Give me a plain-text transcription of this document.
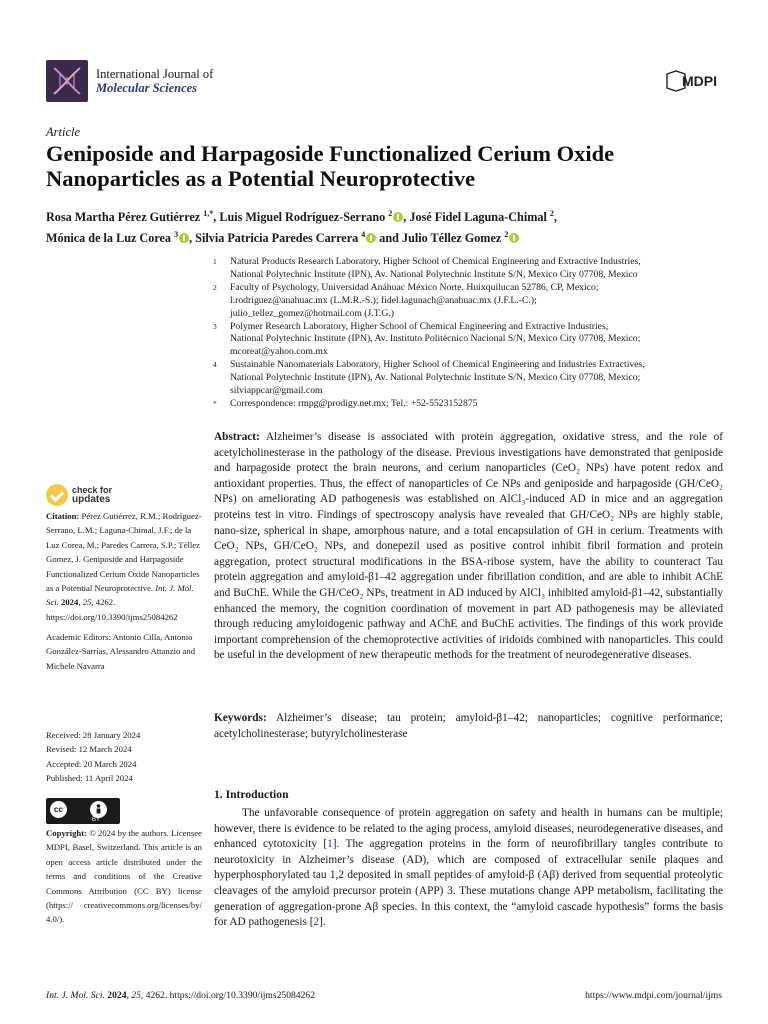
International Journal of
Molecular Sciences	MDPI
Article
Geniposide and Harpagoside Functionalized Cerium Oxide Nanoparticles as a Potential Neuroprotective
Rosa Martha Pérez Gutiérrez $^{1,*}$, Luis Miguel Rodríguez-Serrano $^2$ , José Fidel Laguna-Chimal $^2$,
Mónica de la Luz Corea $^3$ , Silvia Patricia Paredes Carrera $^4$ and Julio Téllez Gomez $^2$
1	Natural Products Research Laboratory, Higher School of Chemical Engineering and Extractive Industries,
National Polytechnic Institute (IPN), Av. National Polytechnic Institute S/N, Mexico City 07708, Mexico
2	Faculty of Psychology, Universidad Anáhuac México Norte, Huixquilucan 52786, CP, Mexico;
l.rodriguez@anahuac.mx (L.M.R.-S.); fidel.lagunach@anahuac.mx (J.F.L.-C.);
julio_tellez_gomez@hotmail.com (J.T.G.)
3	Polymer Research Laboratory, Higher School of Chemical Engineering and Extractive Industries,
National Polytechnic Institute (IPN), Av. Instituto Politécnico Nacional S/N, Mexico City 07708, Mexico;
mcoreat@yahoo.com.mx
4	Sustainable Nanomaterials Laboratory, Higher School of Chemical Engineering and Industries Extractives,
National Polytechnic Institute (IPN), Av. National Polytechnic Institute S/N, Mexico City 07708, Mexico;
silviappcar@gmail.com
*	Correspondence: rmpg@prodigy.net.mx; Tel.: +52-5523152875
Abstract: Alzheimer’s disease is associated with protein aggregation, oxidative stress, and the role of acetylcholinesterase in the pathology of the disease. Previous investigations have demonstrated that geniposide and harpagoside protect the brain neurons, and cerium nanoparticles (CeO₂ NPs) have potent redox and antioxidant properties. Thus, the effect of nanoparticles of Ce NPs and geniposide and harpagoside (GH/CeO₂ NPs) on ameliorating AD pathogenesis was established on AlCl₃-induced AD in mice and an aggregation proteins test in vitro. Findings of spectroscopy analysis have revealed that GH/CeO₂ NPs are highly stable, nano-size, spherical in shape, amorphous nature, and a total encapsulation of GH in cerium. Treatments with CeO₂ NPs, GH/CeO₂ NPs, and donepezil used as positive control inhibit fibril formation and protein aggregation, protect structural modifications in the BSA-ribose system, have the ability to counteract Tau protein aggregation and amyloid-β1–42 aggregation under fibrillation condition, and are able to inhibit AChE and BuChE. While the GH/CeO₂ NPs, treatment in AD induced by AlCl₃ inhibited amyloid-β1–42, substantially enhanced the memory, the cognition coordination of movement in part AD pathogenesis may be alleviated through reducing amyloidogenic pathway and AChE and BuChE activities. The findings of this work provide important comprehension of the chemoprotective activities of iridoids combined with nanoparticles. This could be useful in the development of new therapeutic methods for the treatment of neurodegenerative diseases.
Keywords: Alzheimer’s disease; tau protein; amyloid-β1–42; nanoparticles; cognitive performance; acetylcholinesterase; butyrylcholinesterase
check for
updates
Citation: Pérez Gutiérrez, R.M.; Rodríguez-Serrano, L.M.; Laguna-Chimal, J.F.; de la Luz Corea, M.; Paredes Carrera, S.P.; Téllez Gomez, J. Geniposide and Harpagoside Functionalized Cerium Oxide Nanoparticles as a Potential Neuroprotective. Int. J. Mol. Sci. 2024, 25, 4262. https://doi.org/10.3390/ijms25084262
Academic Editors: Antonio Cilla, Antonio González-Sarrías, Alessandro Attanzio and Michele Navarra
Received: 28 January 2024
Revised: 12 March 2024
Accepted: 20 March 2024
Published: 11 April 2024
cc
BY
Copyright: © 2024 by the authors. Licensee MDPI, Basel, Switzerland. This article is an open access article distributed under the terms and conditions of the Creative Commons Attribution (CC BY) license (https:// creativecommons.org/licenses/by/ 4.0/).
1. Introduction
The unfavorable consequence of protein aggregation on safety and health in humans can be multiple; however, there is evidence to be related to the aging process, amyloid diseases, neurodegenerative diseases, and enhanced cytotoxicity [1]. The aggregation proteins in the form of neurofibrillary tangles contribute to neurotoxicity in Alzheimer’s disease (AD), which are composed of extracellular senile plaques and hyperphosphorylated tau 1,2 deposited in small peptides of amyloid-β (Aβ) derived from sequential proteolytic cleavages of the amyloid precursor protein (APP) 3. These mutations change APP metabolism, facilitating the generation of aggregation-prone Aβ species. In this context, the “amyloid cascade hypothesis” forms the basis for AD pathogenesis [2].
Int. J. Mol. Sci. 2024, 25, 4262. https://doi.org/10.3390/ijms25084262	https://www.mdpi.com/journal/ijms
